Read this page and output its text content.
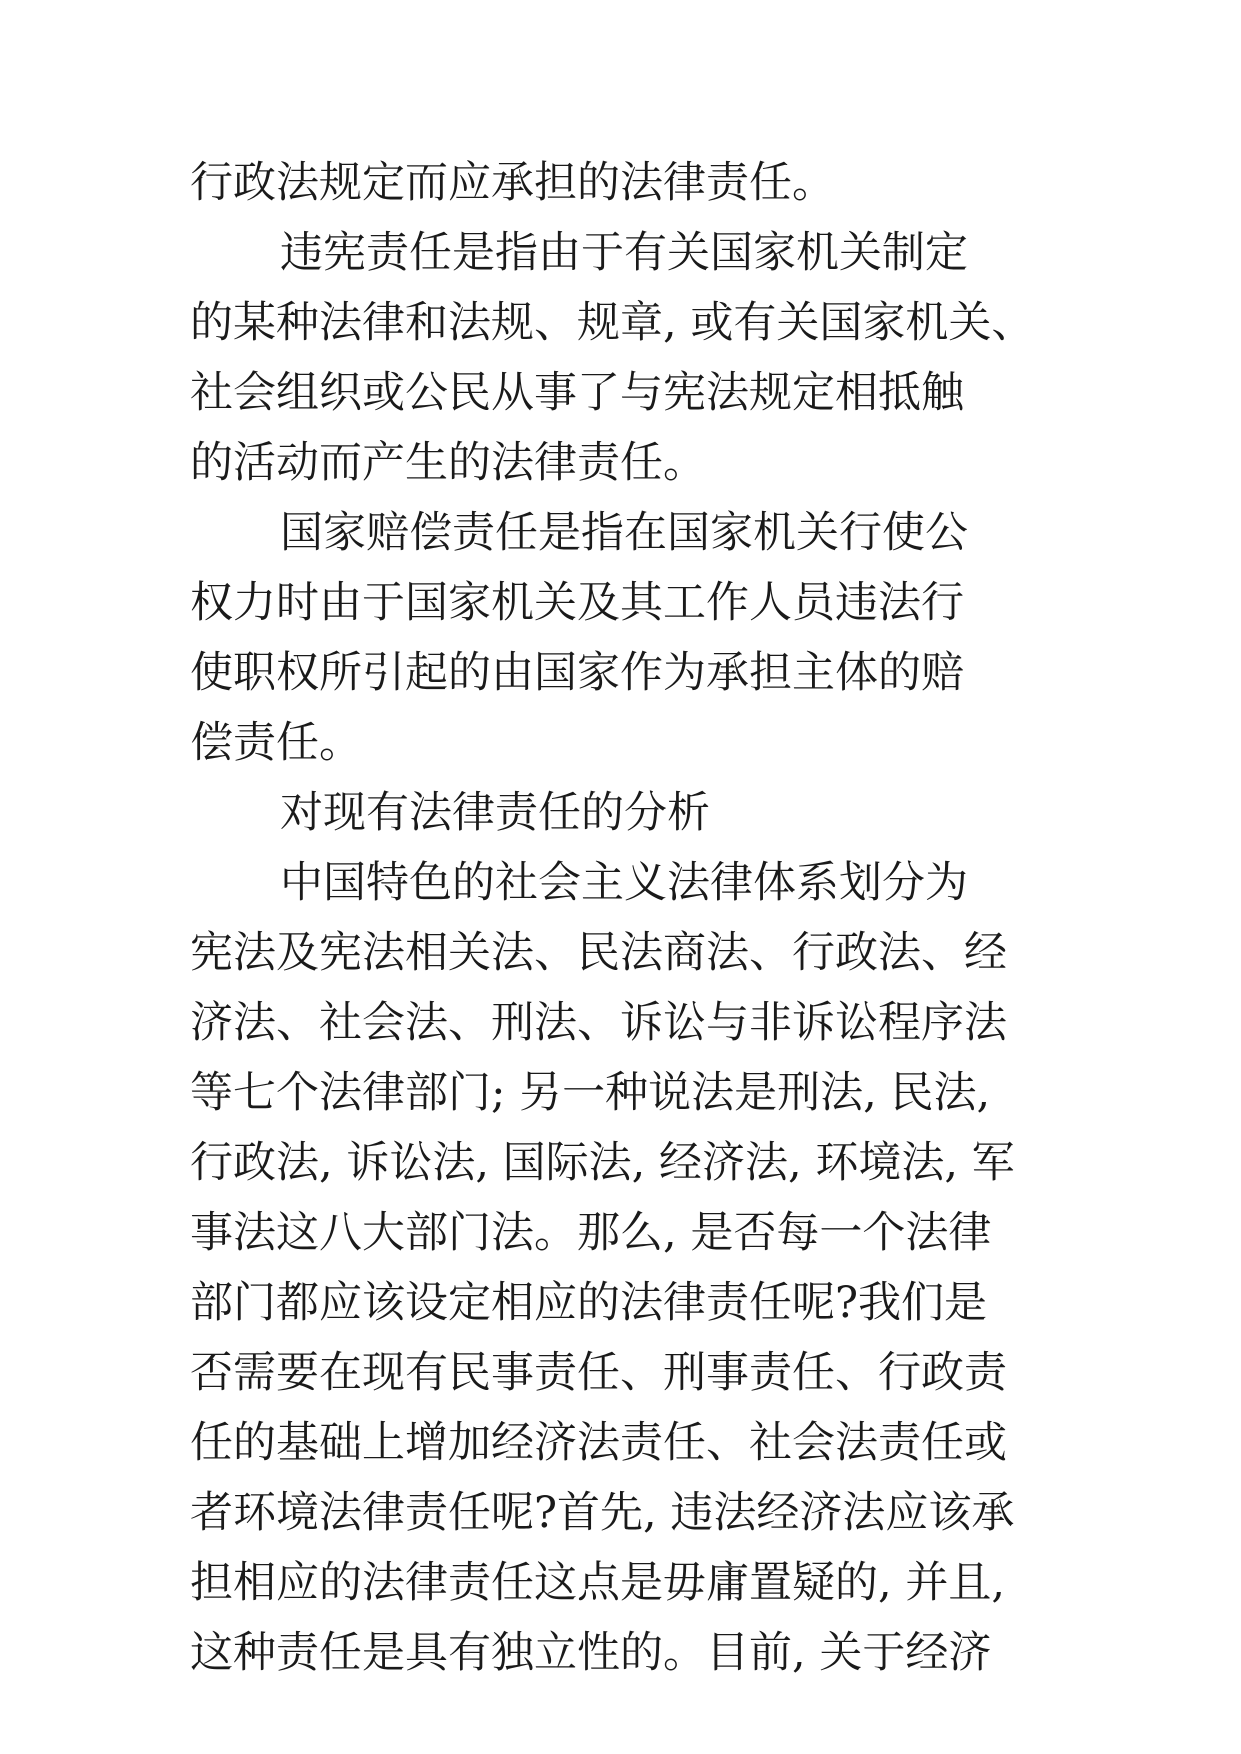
行政法规定而应承担的法律责任。
违宪责任是指由于有关国家机关制定
的某种法律和法规、规章, 或有关国家机关、
社会组织或公民从事了与宪法规定相抵触
的活动而产生的法律责任。
国家赔偿责任是指在国家机关行使公
权力时由于国家机关及其工作人员违法行
使职权所引起的由国家作为承担主体的赔
偿责任。
对现有法律责任的分析
中国特色的社会主义法律体系划分为
宪法及宪法相关法、民法商法、行政法、经
济法、社会法、刑法、诉讼与非诉讼程序法
等七个法律部门; 另一种说法是刑法, 民法,
行政法, 诉讼法, 国际法, 经济法, 环境法, 军
事法这八大部门法。那么, 是否每一个法律
部门都应该设定相应的法律责任呢?我们是
否需要在现有民事责任、刑事责任、行政责
任的基础上增加经济法责任、社会法责任或
者环境法律责任呢?首先, 违法经济法应该承
担相应的法律责任这点是毋庸置疑的, 并且,
这种责任是具有独立性的。目前, 关于经济
